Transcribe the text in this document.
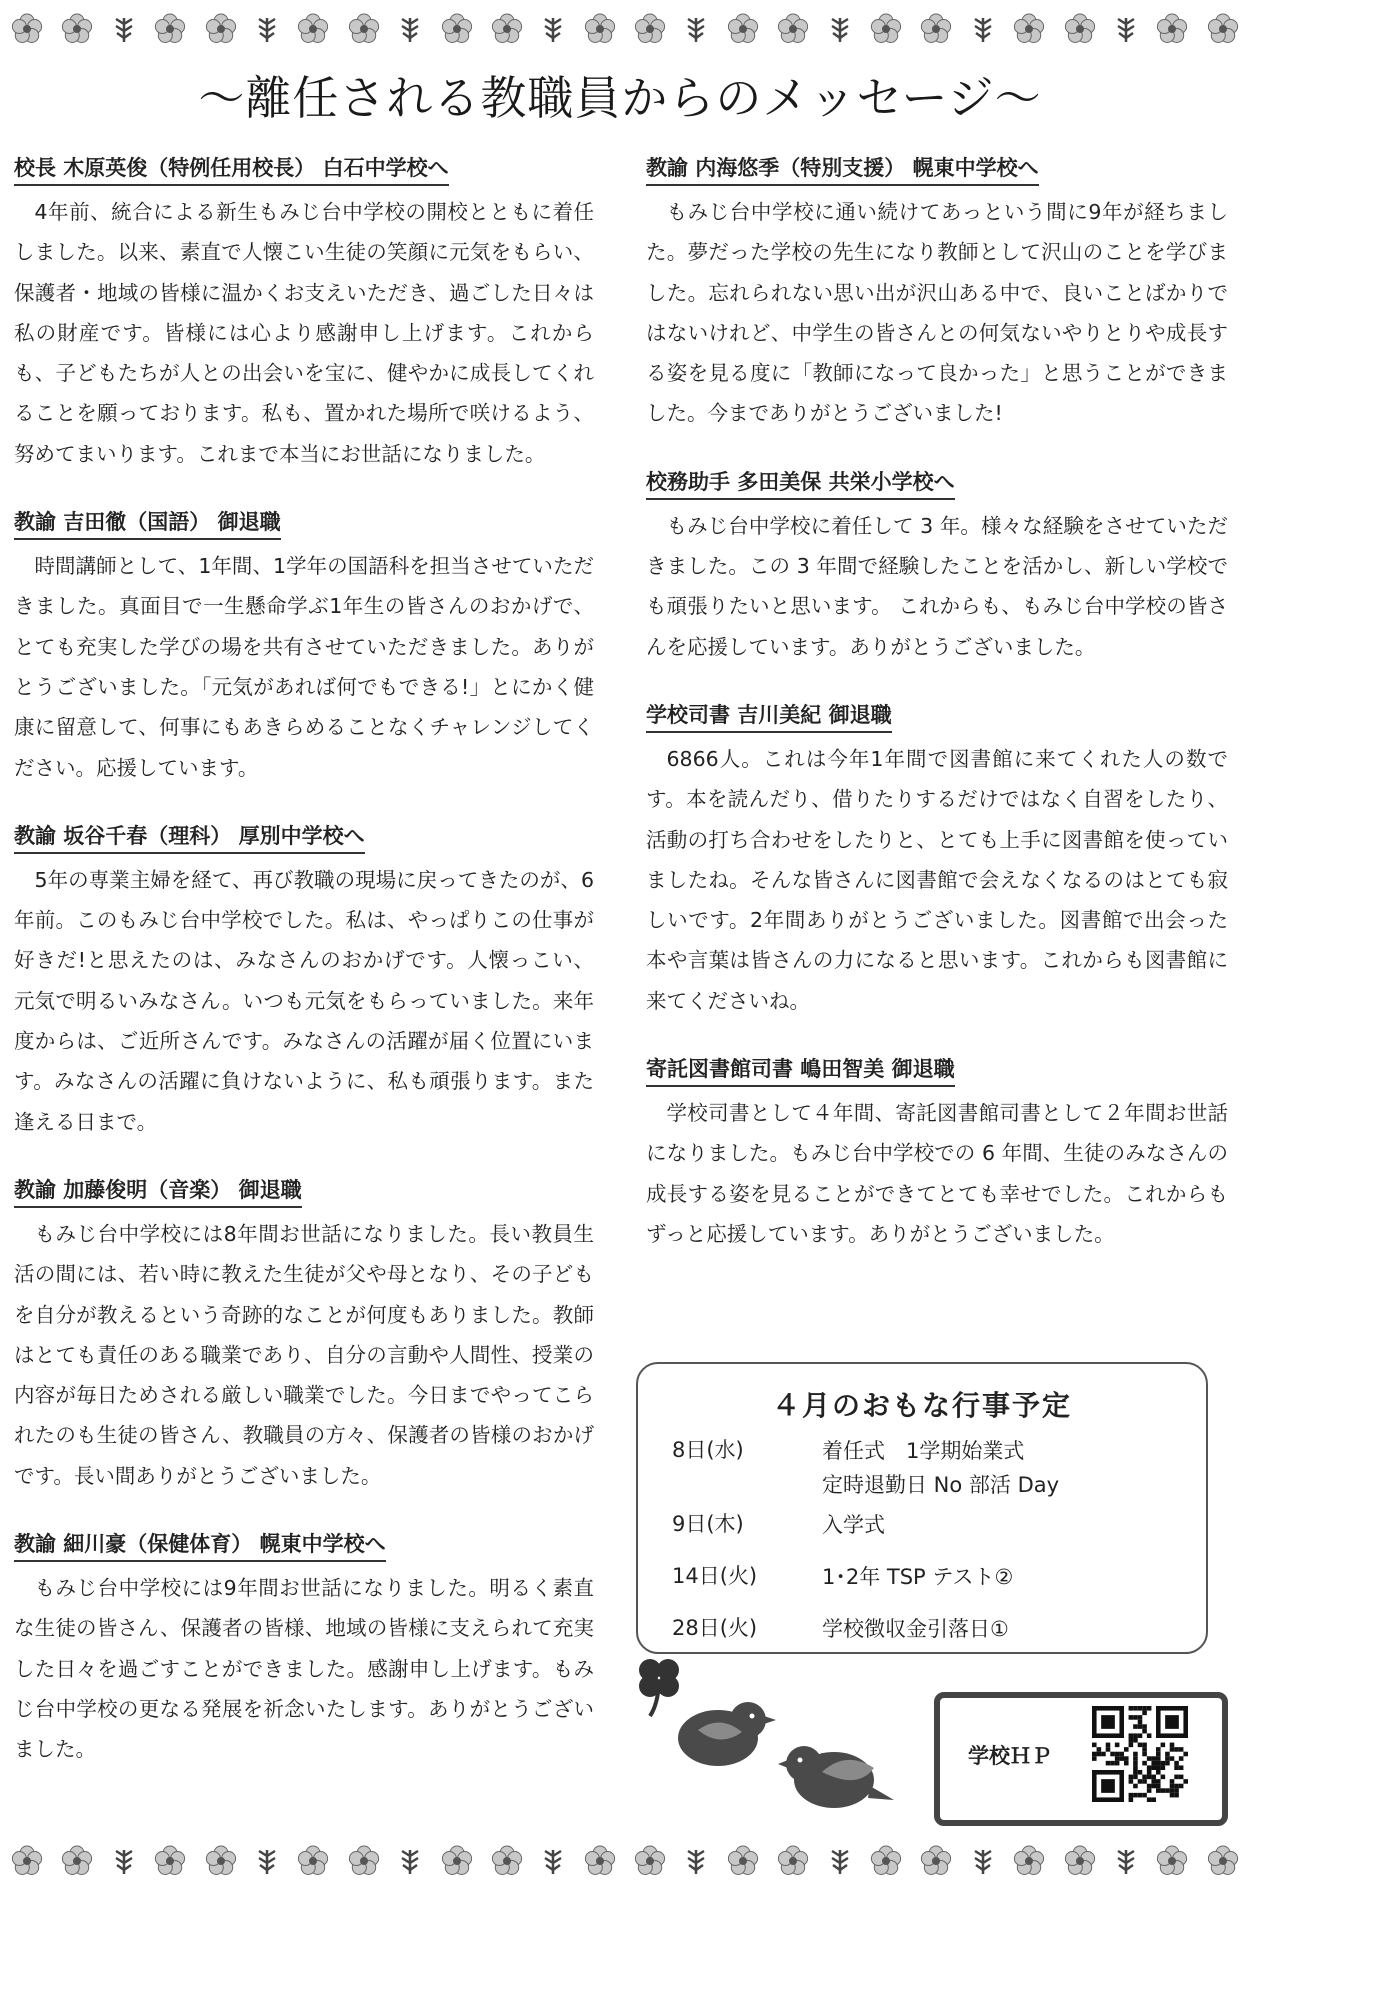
〜離任される教職員からのメッセージ〜
校長 木原英俊（特例任用校長） 白石中学校へ

4年前、統合による新生もみじ台中学校の開校とともに着任しました。以来、素直で人懐こい生徒の笑顔に元気をもらい、保護者・地域の皆様に温かくお支えいただき、過ごした日々は私の財産です。皆様には心より感謝申し上げます。これからも、子どもたちが人との出会いを宝に、健やかに成長してくれることを願っております。私も、置かれた場所で咲けるよう、努めてまいります。これまで本当にお世話になりました。

教諭 吉田徹（国語） 御退職

時間講師として、1年間、1学年の国語科を担当させていただきました。真面目で一生懸命学ぶ1年生の皆さんのおかげで、とても充実した学びの場を共有させていただきました。ありがとうございました。「元気があれば何でもできる!」とにかく健康に留意して、何事にもあきらめることなくチャレンジしてください。応援しています。

教諭 坂谷千春（理科） 厚別中学校へ

5年の専業主婦を経て、再び教職の現場に戻ってきたのが、6年前。このもみじ台中学校でした。私は、やっぱりこの仕事が好きだ!と思えたのは、みなさんのおかげです。人懐っこい、元気で明るいみなさん。いつも元気をもらっていました。来年度からは、ご近所さんです。みなさんの活躍が届く位置にいます。みなさんの活躍に負けないように、私も頑張ります。また逢える日まで。

教諭 加藤俊明（音楽） 御退職

もみじ台中学校には8年間お世話になりました。長い教員生活の間には、若い時に教えた生徒が父や母となり、その子どもを自分が教えるという奇跡的なことが何度もありました。教師はとても責任のある職業であり、自分の言動や人間性、授業の内容が毎日ためされる厳しい職業でした。今日までやってこられたのも生徒の皆さん、教職員の方々、保護者の皆様のおかげです。長い間ありがとうございました。

教諭 細川豪（保健体育） 幌東中学校へ

もみじ台中学校には9年間お世話になりました。明るく素直な生徒の皆さん、保護者の皆様、地域の皆様に支えられて充実した日々を過ごすことができました。感謝申し上げます。もみじ台中学校の更なる発展を祈念いたします。ありがとうございました。

教諭 内海悠季（特別支援） 幌東中学校へ

もみじ台中学校に通い続けてあっという間に9年が経ちました。夢だった学校の先生になり教師として沢山のことを学びました。忘れられない思い出が沢山ある中で、良いことばかりではないけれど、中学生の皆さんとの何気ないやりとりや成長する姿を見る度に「教師になって良かった」と思うことができました。今までありがとうございました!

校務助手 多田美保 共栄小学校へ

もみじ台中学校に着任して 3 年。様々な経験をさせていただきました。この 3 年間で経験したことを活かし、新しい学校でも頑張りたいと思います。 これからも、もみじ台中学校の皆さんを応援しています。ありがとうございました。

学校司書 吉川美紀 御退職

6866人。これは今年1年間で図書館に来てくれた人の数です。本を読んだり、借りたりするだけではなく自習をしたり、活動の打ち合わせをしたりと、とても上手に図書館を使っていましたね。そんな皆さんに図書館で会えなくなるのはとても寂しいです。2年間ありがとうございました。図書館で出会った本や言葉は皆さんの力になると思います。これからも図書館に来てくださいね。

寄託図書館司書 嶋田智美 御退職

学校司書として４年間、寄託図書館司書として２年間お世話になりました。もみじ台中学校での 6 年間、生徒のみなさんの成長する姿を見ることができてとても幸せでした。これからもずっと応援しています。ありがとうございました。

４月のおもな行事予定
8日(水)	着任式　1学期始業式
定時退勤日 No 部活 Day
9日(木)	入学式
14日(火)	1･2年 TSP テスト②
28日(火)	学校徴収金引落日①
学校ＨＰ
